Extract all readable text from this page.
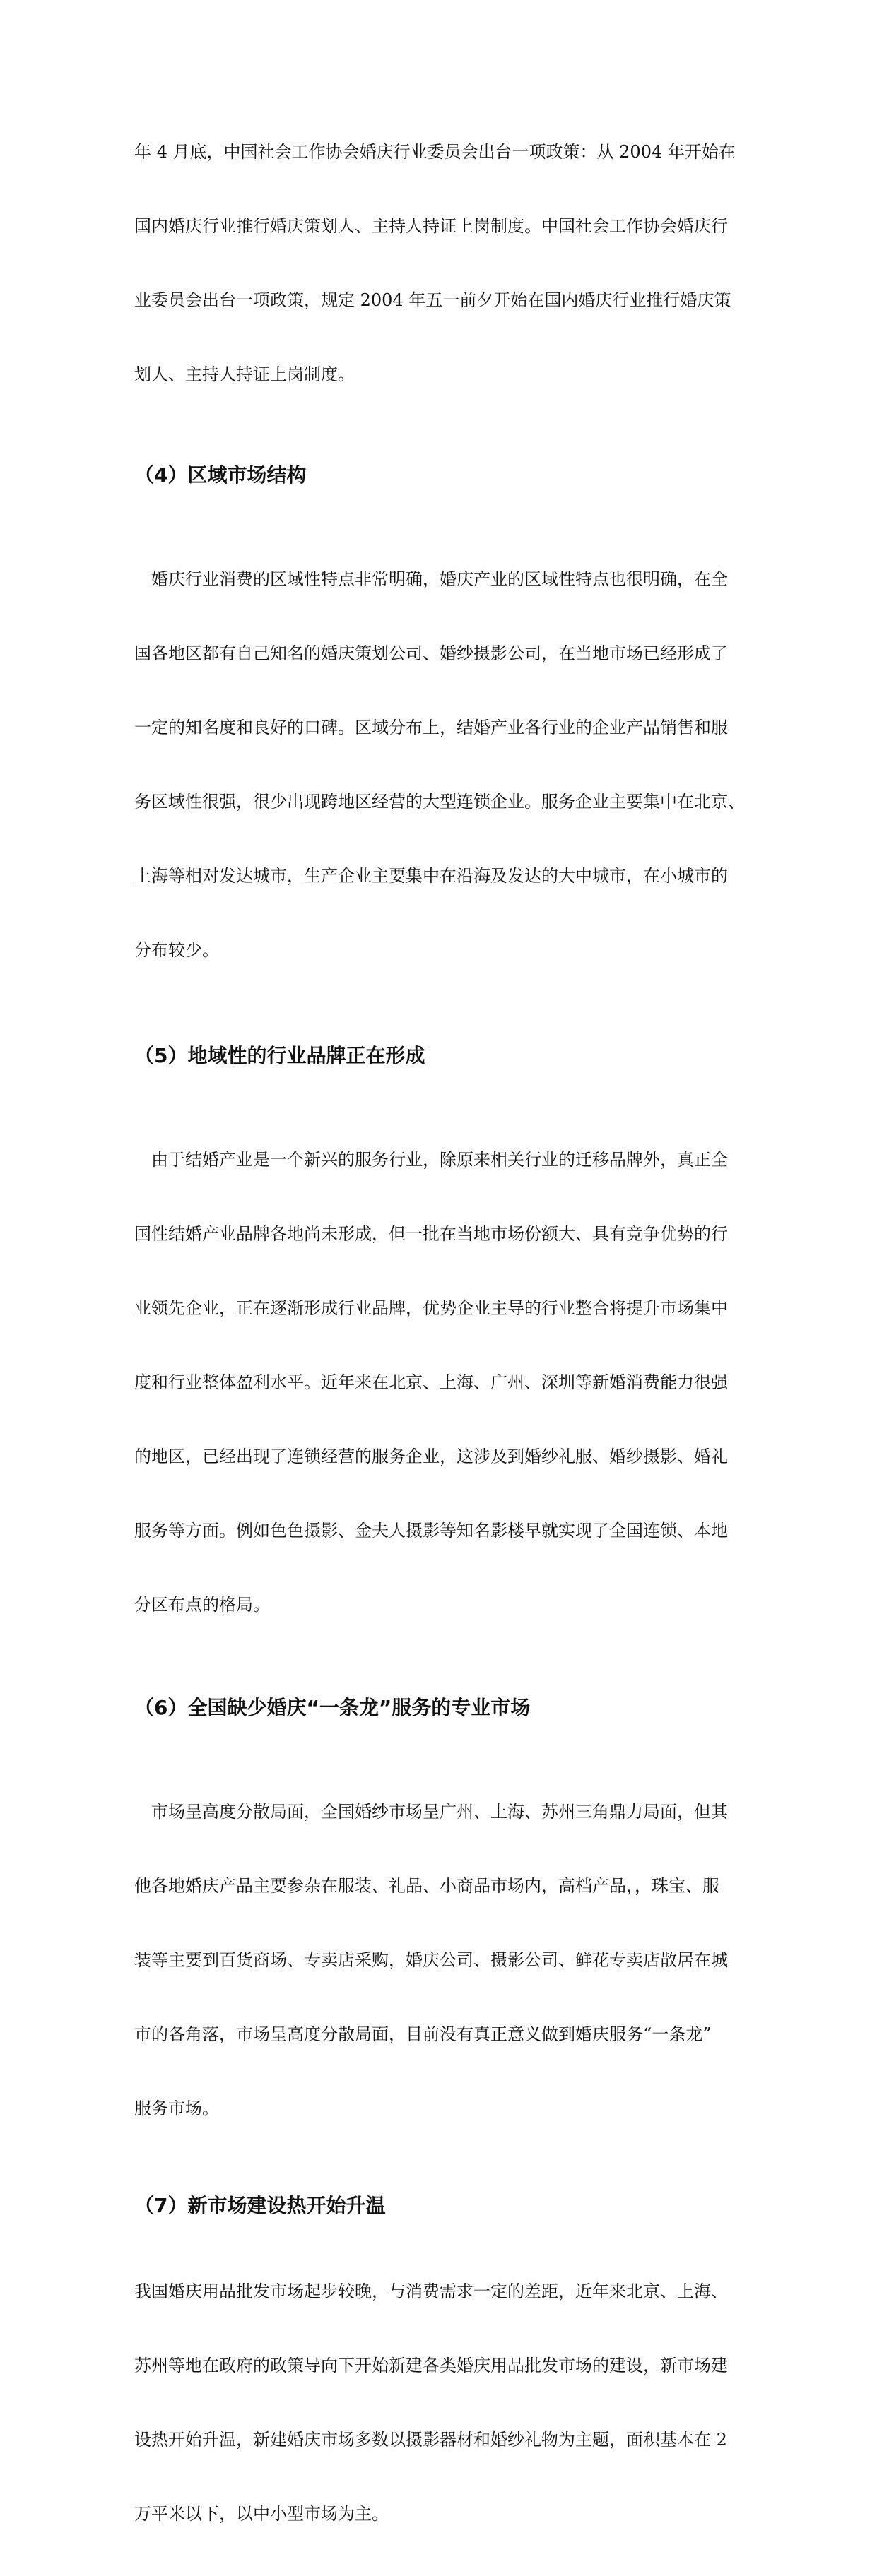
年 4 月底，中国社会工作协会婚庆行业委员会出台一项政策：从 2004 年开始在

国内婚庆行业推行婚庆策划人、主持人持证上岗制度。中国社会工作协会婚庆行

业委员会出台一项政策，规定 2004 年五一前夕开始在国内婚庆行业推行婚庆策

划人、主持人持证上岗制度。

（4）区域市场结构

　婚庆行业消费的区域性特点非常明确，婚庆产业的区域性特点也很明确，在全

国各地区都有自己知名的婚庆策划公司、婚纱摄影公司，在当地市场已经形成了

一定的知名度和良好的口碑。区域分布上，结婚产业各行业的企业产品销售和服

务区域性很强，很少出现跨地区经营的大型连锁企业。服务企业主要集中在北京、

上海等相对发达城市，生产企业主要集中在沿海及发达的大中城市，在小城市的

分布较少。

（5）地域性的行业品牌正在形成

　由于结婚产业是一个新兴的服务行业，除原来相关行业的迁移品牌外，真正全

国性结婚产业品牌各地尚未形成，但一批在当地市场份额大、具有竞争优势的行

业领先企业，正在逐渐形成行业品牌，优势企业主导的行业整合将提升市场集中

度和行业整体盈利水平。近年来在北京、上海、广州、深圳等新婚消费能力很强

的地区，已经出现了连锁经营的服务企业，这涉及到婚纱礼服、婚纱摄影、婚礼

服务等方面。例如色色摄影、金夫人摄影等知名影楼早就实现了全国连锁、本地

分区布点的格局。

（6）全国缺少婚庆“一条龙”服务的专业市场

　市场呈高度分散局面，全国婚纱市场呈广州、上海、苏州三角鼎力局面，但其

他各地婚庆产品主要参杂在服装、礼品、小商品市场内，高档产品，，珠宝、服

装等主要到百货商场、专卖店采购，婚庆公司、摄影公司、鲜花专卖店散居在城

市的各角落，市场呈高度分散局面，目前没有真正意义做到婚庆服务“一条龙”

服务市场。

（7）新市场建设热开始升温

我国婚庆用品批发市场起步较晚，与消费需求一定的差距，近年来北京、上海、

苏州等地在政府的政策导向下开始新建各类婚庆用品批发市场的建设，新市场建

设热开始升温，新建婚庆市场多数以摄影器材和婚纱礼物为主题，面积基本在 2

万平米以下，以中小型市场为主。
